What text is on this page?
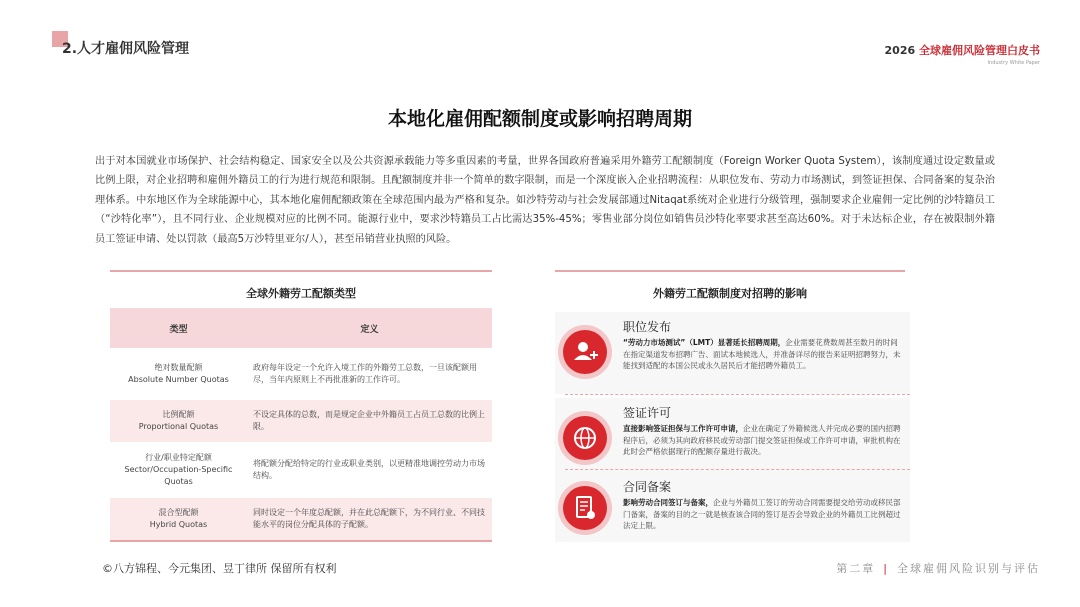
2.人才雇佣风险管理	2026 全球雇佣风险管理白皮书
Industry White Paper
本地化雇佣配额制度或影响招聘周期
出于对本国就业市场保护、社会结构稳定、国家安全以及公共资源承载能力等多重因素的考量，世界各国政府普遍采用外籍劳工配额制度（Foreign Worker Quota System），该制度通过设定数量或比例上限，对企业招聘和雇佣外籍员工的行为进行规范和限制。且配额制度并非一个简单的数字限制，而是一个深度嵌入企业招聘流程：从职位发布、劳动力市场测试，到签证担保、合同备案的复杂治理体系。中东地区作为全球能源中心，其本地化雇佣配额政策在全球范围内最为严格和复杂。如沙特劳动与社会发展部通过Nitaqat系统对企业进行分级管理，强制要求企业雇佣一定比例的沙特籍员工（“沙特化率”），且不同行业、企业规模对应的比例不同。能源行业中，要求沙特籍员工占比需达35%-45%；零售业部分岗位如销售员沙特化率要求甚至高达60%。对于未达标企业，存在被限制外籍员工签证申请、处以罚款（最高5万沙特里亚尔/人），甚至吊销营业执照的风险。
全球外籍劳工配额类型
类型	定义

绝对数量配额
Absolute Number Quotas	政府每年设定一个允许入境工作的外籍劳工总数，一旦该配额用尽，当年内原则上不再批准新的工作许可。

比例配额
Proportional Quotas	不设定具体的总数，而是规定企业中外籍员工占员工总数的比例上限。

行业/职业特定配额
Sector/Occupation-Specific Quotas	将配额分配给特定的行业或职业类别，以更精准地调控劳动力市场结构。

混合型配额
Hybrid Quotas	同时设定一个年度总配额，并在此总配额下，为不同行业、不同技能水平的岗位分配具体的子配额。
外籍劳工配额制度对招聘的影响
职位发布
“劳动力市场测试”（LMT）显著延长招聘周期，企业需要花费数周甚至数月的时间在指定渠道发布招聘广告、面试本地候选人，并准备详尽的报告来证明招聘努力，未能找到适配的本国公民或永久居民后才能招聘外籍员工。
签证许可
直接影响签证担保与工作许可申请，企业在确定了外籍候选人并完成必要的国内招聘程序后，必须为其向政府移民或劳动部门提交签证担保或工作许可申请，审批机构在此时会严格依据现行的配额存量进行裁决。
合同备案
影响劳动合同签订与备案，企业与外籍员工签订的劳动合同需要提交给劳动或移民部门备案，备案的目的之一就是核查该合同的签订是否会导致企业的外籍员工比例超过法定上限。
©八方锦程、今元集团、昱丁律所 保留所有权利	第二章 | 全球雇佣风险识别与评估
